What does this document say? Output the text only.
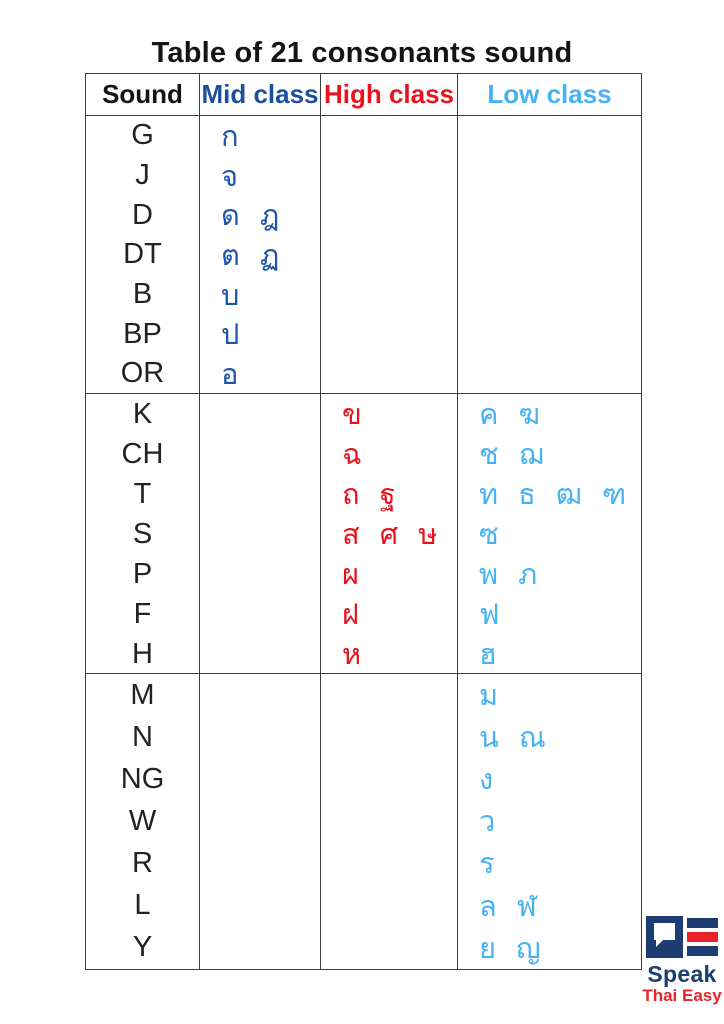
Table of 21 consonants sound
Sound Mid class High class	Low class
G
J
D
DT
B
BP
OR
ก
จ
ด ฎ
ต ฏ
บ
ป
อ
K
CH
T
S
P
F
H
ข
ฉ
ถ ฐ
ส ศ ษ
ผ
ฝ
ห
ค ฆ
ช ฌ
ท ธ ฒ ฑ
ซ
พ ภ
ฟ
ฮ
M
N
NG
W
R
L
Y
ม
น ณ
ง
ว
ร
ล ฬ
ย ญ
Speak
Thai Easy
